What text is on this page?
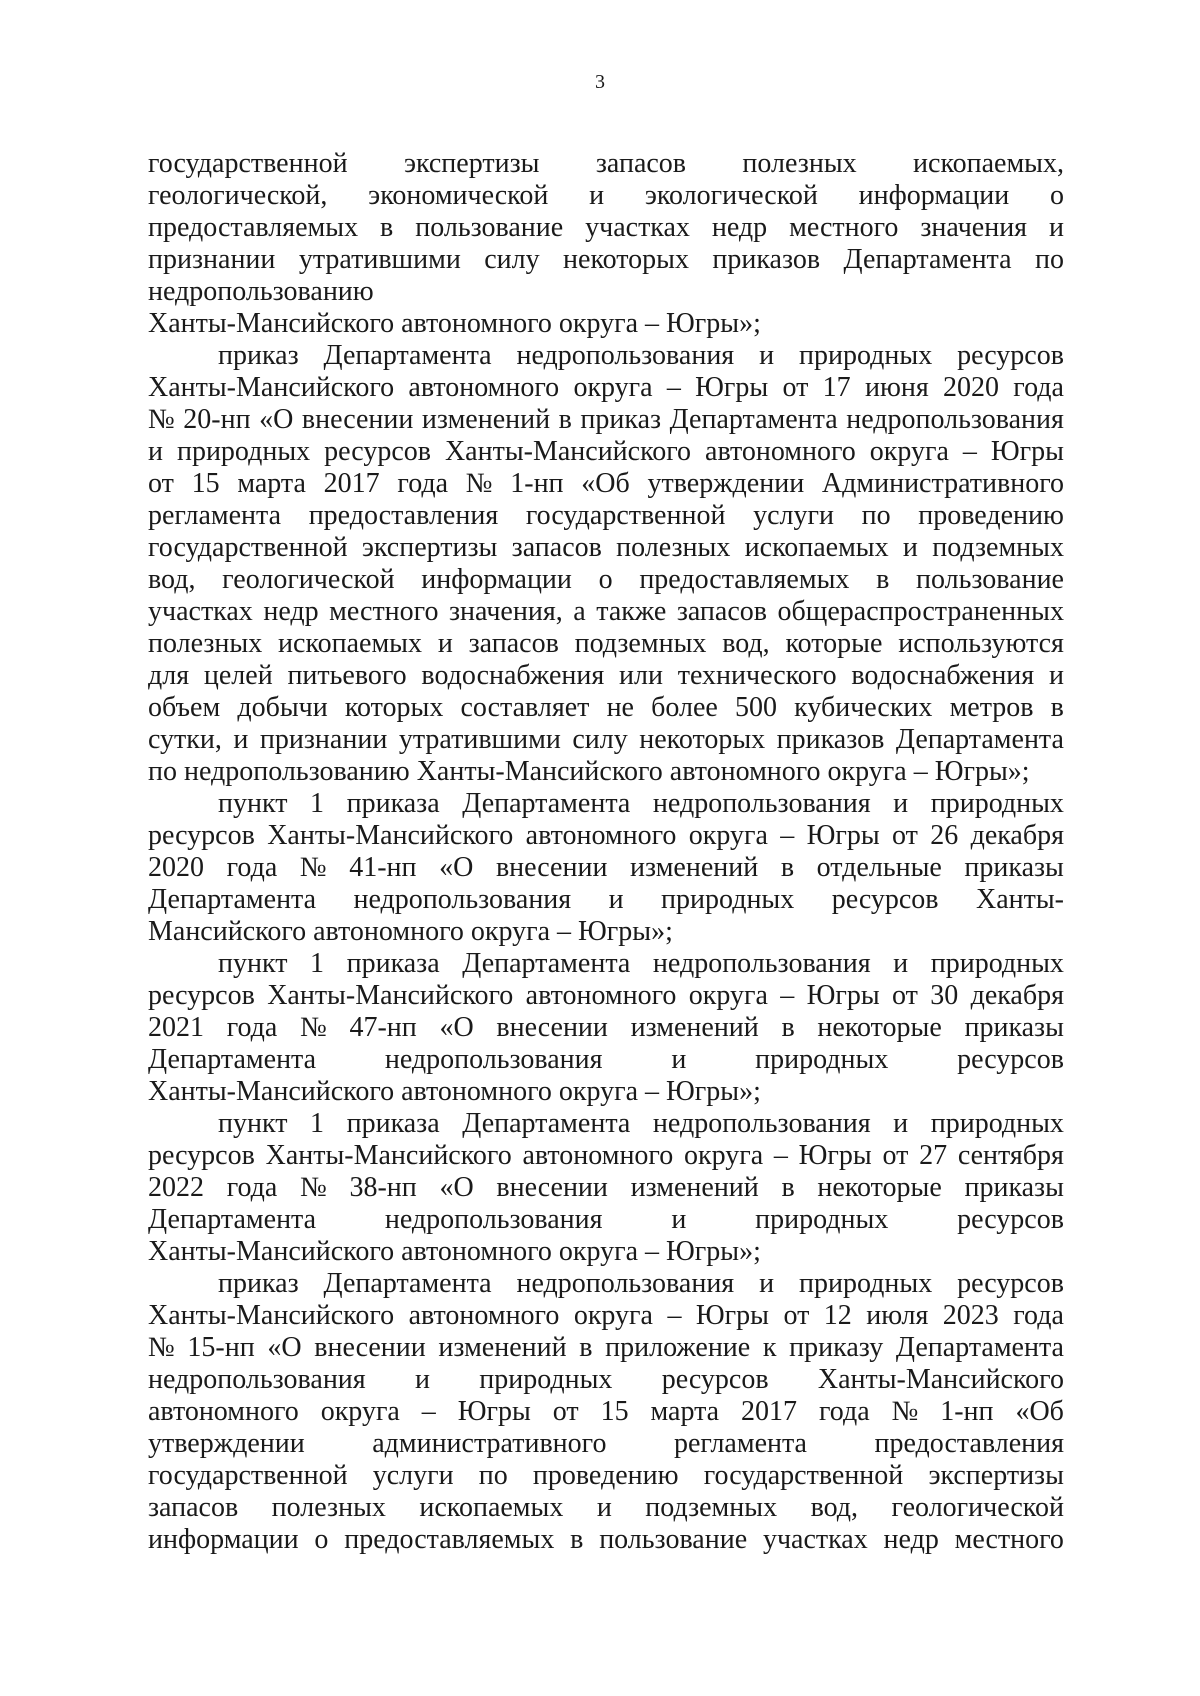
3
государственной экспертизы запасов полезных ископаемых,
геологической, экономической и экологической информации о
предоставляемых в пользование участках недр местного значения и
признании утратившими силу некоторых приказов Департамента по
недропользованию
Ханты-Мансийского автономного округа – Югры»;
приказ Департамента недропользования и природных ресурсов
Ханты-Мансийского автономного округа – Югры от 17 июня 2020 года
№ 20-нп «О внесении изменений в приказ Департамента недропользования
и природных ресурсов Ханты-Мансийского автономного округа – Югры
от 15 марта 2017 года № 1-нп «Об утверждении Административного
регламента предоставления государственной услуги по проведению
государственной экспертизы запасов полезных ископаемых и подземных
вод, геологической информации о предоставляемых в пользование
участках недр местного значения, а также запасов общераспространенных
полезных ископаемых и запасов подземных вод, которые используются
для целей питьевого водоснабжения или технического водоснабжения и
объем добычи которых составляет не более 500 кубических метров в
сутки, и признании утратившими силу некоторых приказов Департамента
по недропользованию Ханты-Мансийского автономного округа – Югры»;
пункт 1 приказа Департамента недропользования и природных
ресурсов Ханты-Мансийского автономного округа – Югры от 26 декабря
2020 года № 41-нп «О внесении изменений в отдельные приказы
Департамента недропользования и природных ресурсов Ханты-
Мансийского автономного округа – Югры»;
пункт 1 приказа Департамента недропользования и природных
ресурсов Ханты-Мансийского автономного округа – Югры от 30 декабря
2021 года № 47-нп «О внесении изменений в некоторые приказы
Департамента недропользования и природных ресурсов
Ханты-Мансийского автономного округа – Югры»;
пункт 1 приказа Департамента недропользования и природных
ресурсов Ханты-Мансийского автономного округа – Югры от 27 сентября
2022 года № 38-нп «О внесении изменений в некоторые приказы
Департамента недропользования и природных ресурсов
Ханты-Мансийского автономного округа – Югры»;
приказ Департамента недропользования и природных ресурсов
Ханты-Мансийского автономного округа – Югры от 12 июля 2023 года
№ 15-нп «О внесении изменений в приложение к приказу Департамента
недропользования и природных ресурсов Ханты-Мансийского
автономного округа – Югры от 15 марта 2017 года № 1-нп «Об
утверждении административного регламента предоставления
государственной услуги по проведению государственной экспертизы
запасов полезных ископаемых и подземных вод, геологической
информации о предоставляемых в пользование участках недр местного
